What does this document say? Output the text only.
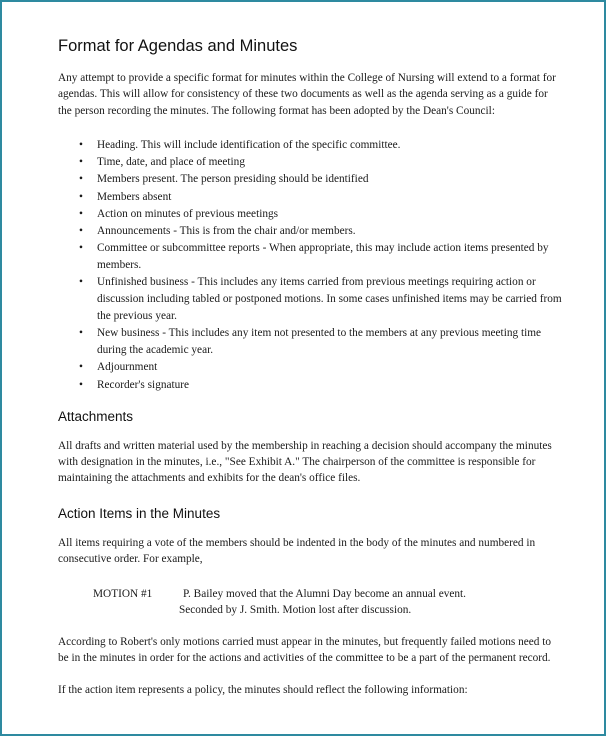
Format for Agendas and Minutes

Any attempt to provide a specific format for minutes within the College of Nursing will extend to a format for agendas. This will allow for consistency of these two documents as well as the agenda serving as a guide for the person recording the minutes. The following format has been adopted by the Dean's Council:

• Heading. This will include identification of the specific committee.
• Time, date, and place of meeting
• Members present. The person presiding should be identified
• Members absent
• Action on minutes of previous meetings
• Announcements - This is from the chair and/or members.
• Committee or subcommittee reports - When appropriate, this may include action items presented by members.
• Unfinished business - This includes any items carried from previous meetings requiring action or discussion including tabled or postponed motions. In some cases unfinished items may be carried from the previous year.
• New business - This includes any item not presented to the members at any previous meeting time during the academic year.
• Adjournment
• Recorder's signature
Attachments

All drafts and written material used by the membership in reaching a decision should accompany the minutes with designation in the minutes, i.e., "See Exhibit A." The chairperson of the committee is responsible for maintaining the attachments and exhibits for the dean's office files.

Action Items in the Minutes

All items requiring a vote of the members should be indented in the body of the minutes and numbered in consecutive order. For example,

MOTION #1	P. Bailey moved that the Alumni Day become an annual event.
Seconded by J. Smith. Motion lost after discussion.

According to Robert's only motions carried must appear in the minutes, but frequently failed motions need to be in the minutes in order for the actions and activities of the committee to be a part of the permanent record.

If the action item represents a policy, the minutes should reflect the following information:
